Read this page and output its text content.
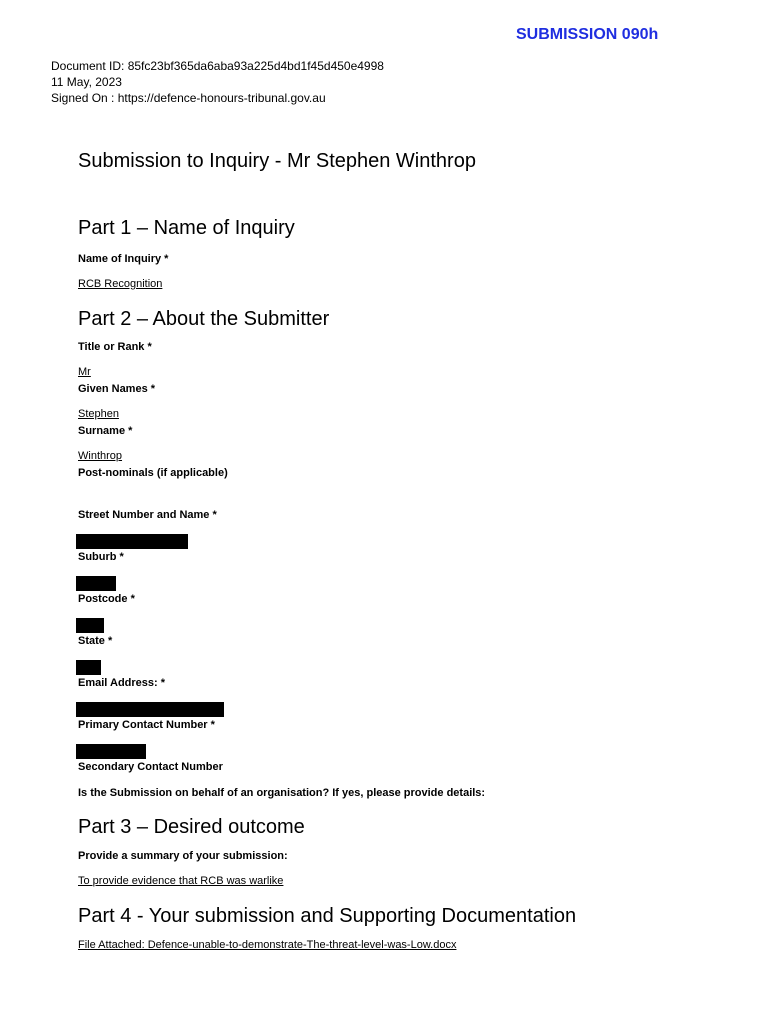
SUBMISSION 090h
Document ID: 85fc23bf365da6aba93a225d4bd1f45d450e4998
11 May, 2023
Signed On : https://defence-honours-tribunal.gov.au
Submission to Inquiry - Mr Stephen Winthrop
Part 1 – Name of Inquiry
Name of Inquiry *
RCB Recognition
Part 2 – About the Submitter
Title or Rank *
Mr
Given Names *
Stephen
Surname *
Winthrop
Post-nominals (if applicable)
Street Number and Name *
Suburb *
Postcode *
State *
Email Address: *
Primary Contact Number *
Secondary Contact Number
Is the Submission on behalf of an organisation? If yes, please provide details:
Part 3 – Desired outcome
Provide a summary of your submission:
To provide evidence that RCB was warlike
Part 4 - Your submission and Supporting Documentation
File Attached: Defence-unable-to-demonstrate-The-threat-level-was-Low.docx
